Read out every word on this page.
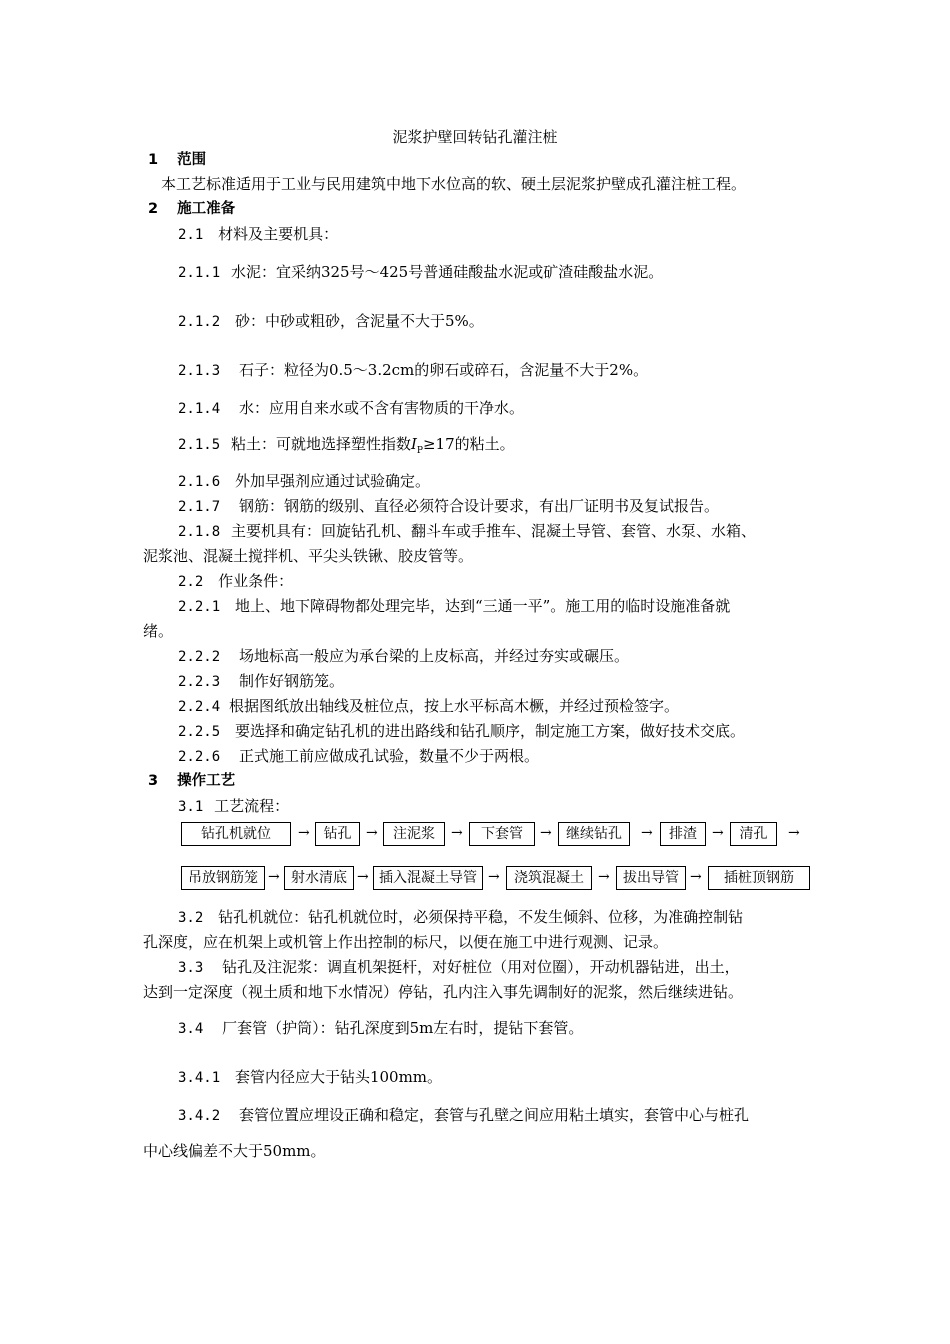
泥浆护壁回转钻孔灌注桩
1 范围
本工艺标准适用于工业与民用建筑中地下水位高的软、硬土层泥浆护壁成孔灌注桩工程。
2 施工准备
2.1 材料及主要机具：
2.1.1 水泥：宜采纳325号～425号普通硅酸盐水泥或矿渣硅酸盐水泥。
2.1.2 砂：中砂或粗砂，含泥量不大于5%。
2.1.3 石子：粒径为0.5～3.2cm的卵石或碎石，含泥量不大于2%。
2.1.4 水：应用自来水或不含有害物质的干净水。
2.1.5 粘土：可就地选择塑性指数$I_P\ge 17$的粘土。
2.1.6 外加早强剂应通过试验确定。
2.1.7 钢筋：钢筋的级别、直径必须符合设计要求，有出厂证明书及复试报告。
2.1.8 主要机具有：回旋钻孔机、翻斗车或手推车、混凝土导管、套管、水泵、水箱、
泥浆池、混凝土搅拌机、平尖头铁锹、胶皮管等。
2.2 作业条件：
2.2.1 地上、地下障碍物都处理完毕，达到“三通一平”。施工用的临时设施准备就
绪。
2.2.2 场地标高一般应为承台梁的上皮标高，并经过夯实或碾压。
2.2.3 制作好钢筋笼。
2.2.4 根据图纸放出轴线及桩位点，按上水平标高木橛，并经过预检签字。
2.2.5 要选择和确定钻孔机的进出路线和钻孔顺序，制定施工方案，做好技术交底。
2.2.6 正式施工前应做成孔试验，数量不少于两根。
3 操作工艺
3.1 工艺流程：
钻孔机就位	→ 钻孔	→	注泥浆	→	下套管	→	继续钻孔	→	排渣	→	清孔	→
吊放钢筋笼 → 射水清底 → 插入混凝土导管 →	浇筑混凝土	→ 拔出导管 →	插桩顶钢筋
3.2 钻孔机就位：钻孔机就位时，必须保持平稳，不发生倾斜、位移，为准确控制钻
孔深度，应在机架上或机管上作出控制的标尺，以便在施工中进行观测、记录。
3.3 钻孔及注泥浆：调直机架挺杆，对好桩位（用对位圈），开动机器钻进，出土，
达到一定深度（视土质和地下水情况）停钻，孔内注入事先调制好的泥浆，然后继续进钻。
3.4 厂套管（护筒）：钻孔深度到5m左右时，提钻下套管。
3.4.1 套管内径应大于钻头100mm。
3.4.2 套管位置应埋设正确和稳定，套管与孔壁之间应用粘土填实，套管中心与桩孔
中心线偏差不大于50mm。
